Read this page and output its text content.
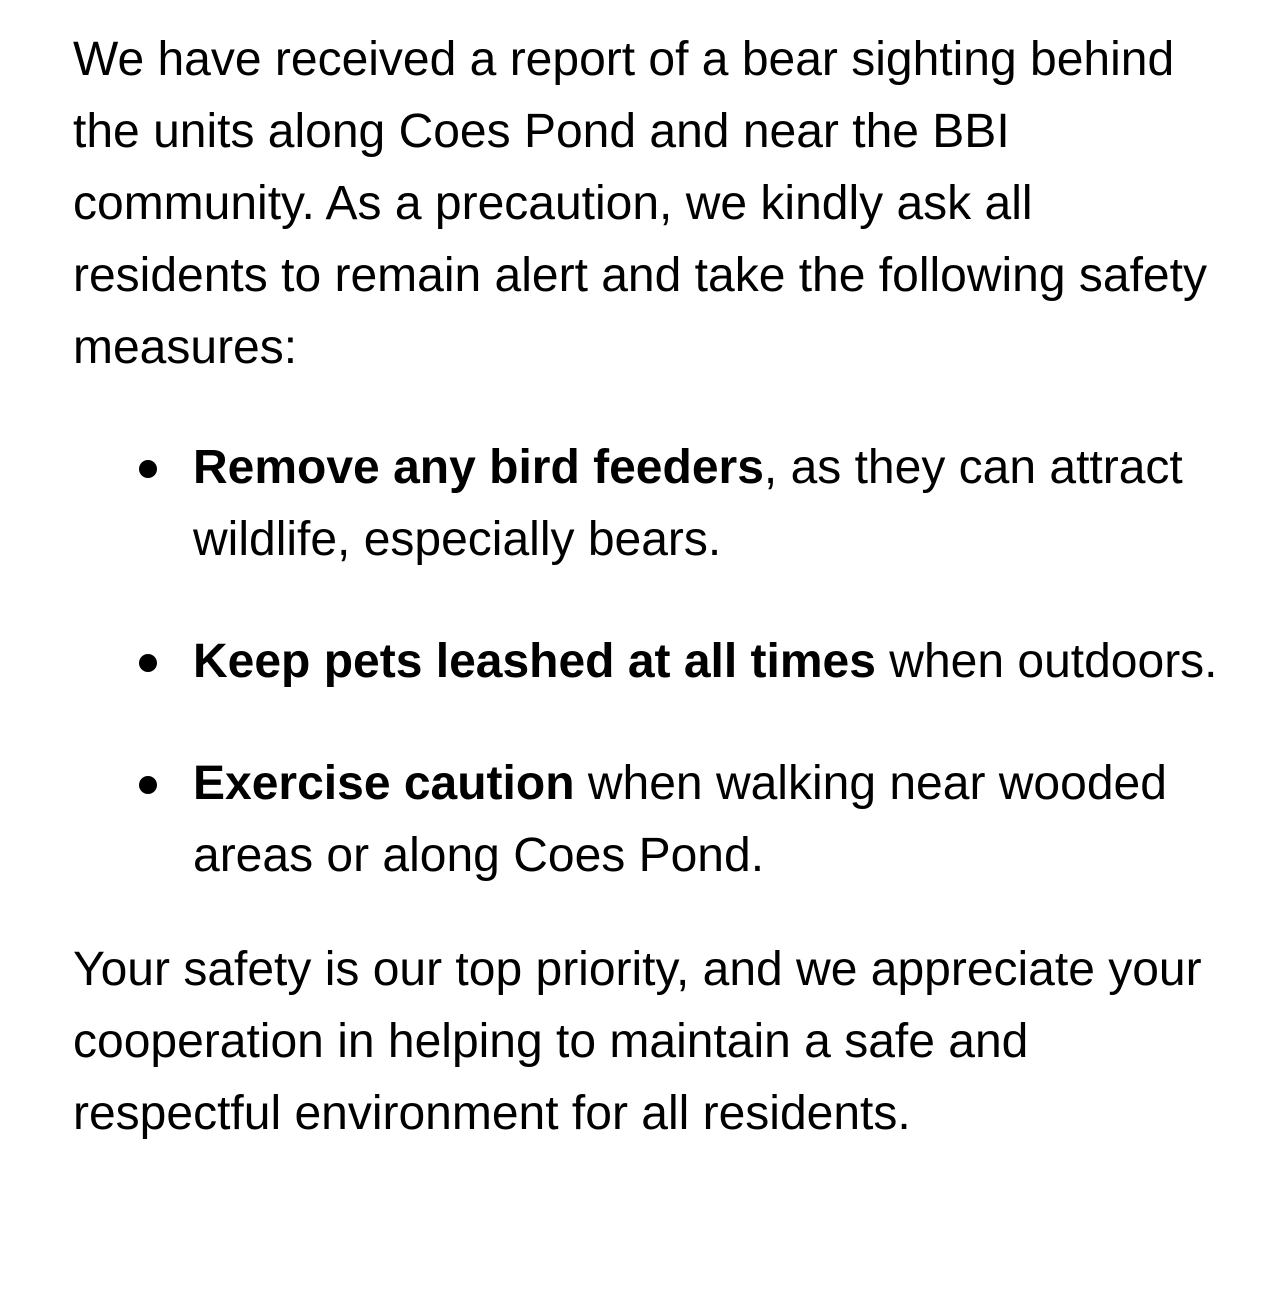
We have received a report of a bear sighting behind the units along Coes Pond and near the BBI community. As a precaution, we kindly ask all residents to remain alert and take the following safety measures:

Remove any bird feeders, as they can attract wildlife, especially bears.
Keep pets leashed at all times when outdoors.
Exercise caution when walking near wooded areas or along Coes Pond.

Your safety is our top priority, and we appreciate your cooperation in helping to maintain a safe and respectful environment for all residents.
